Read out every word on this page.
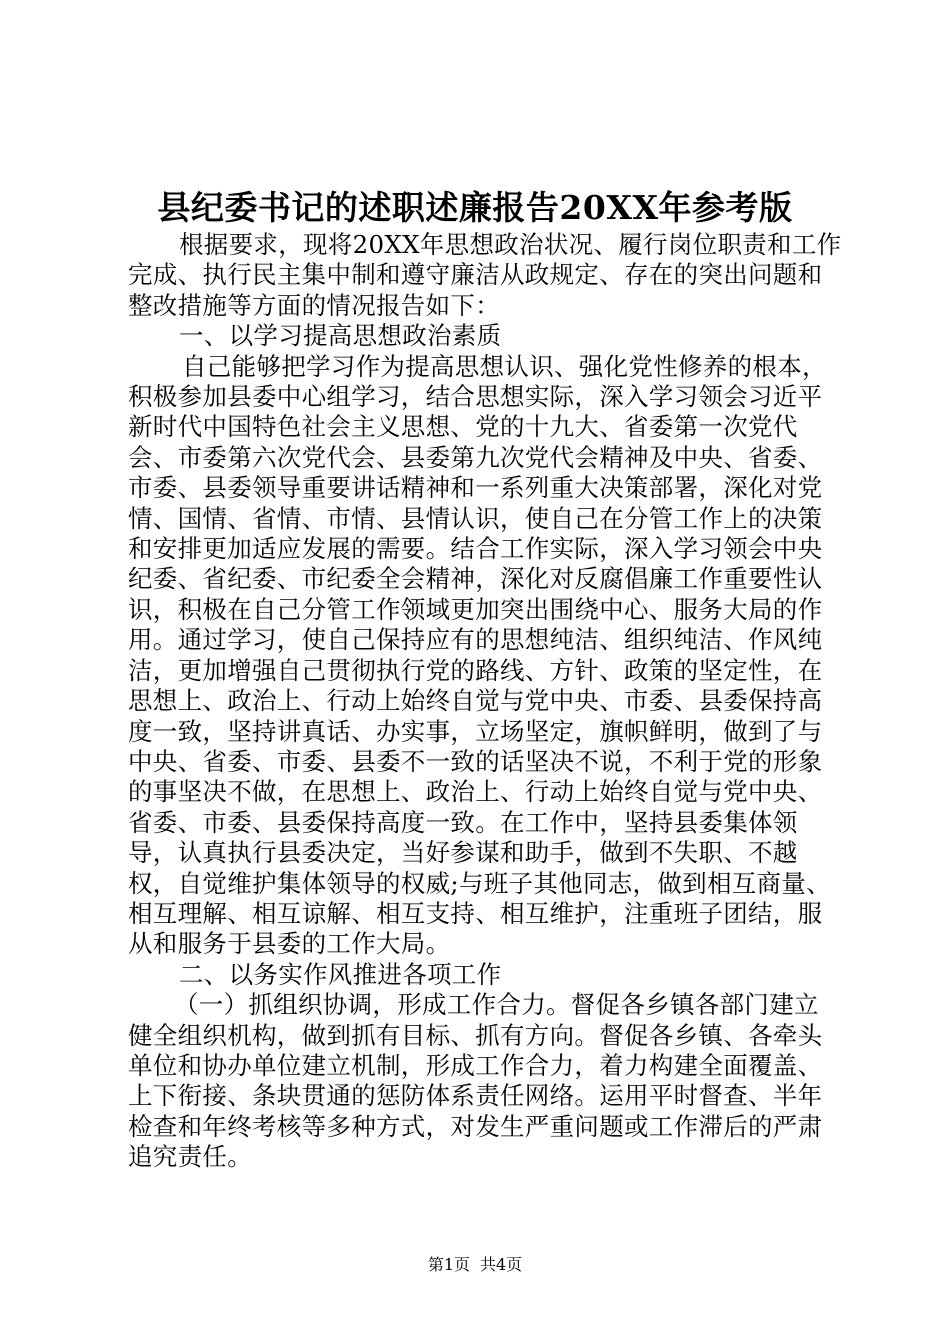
县纪委书记的述职述廉报告20XX年参考版

根据要求，现将20XX年思想政治状况、履行岗位职责和工作完成、执行民主集中制和遵守廉洁从政规定、存在的突出问题和整改措施等方面的情况报告如下：

一、以学习提高思想政治素质

自己能够把学习作为提高思想认识、强化党性修养的根本，积极参加县委中心组学习，结合思想实际，深入学习领会习近平新时代中国特色社会主义思想、党的十九大、省委第一次党代会、市委第六次党代会、县委第九次党代会精神及中央、省委、市委、县委领导重要讲话精神和一系列重大决策部署，深化对党情、国情、省情、市情、县情认识，使自己在分管工作上的决策和安排更加适应发展的需要。结合工作实际，深入学习领会中央纪委、省纪委、市纪委全会精神，深化对反腐倡廉工作重要性认识，积极在自己分管工作领域更加突出围绕中心、服务大局的作用。通过学习，使自己保持应有的思想纯洁、组织纯洁、作风纯洁，更加增强自己贯彻执行党的路线、方针、政策的坚定性，在思想上、政治上、行动上始终自觉与党中央、市委、县委保持高度一致，坚持讲真话、办实事，立场坚定，旗帜鲜明，做到了与中央、省委、市委、县委不一致的话坚决不说，不利于党的形象的事坚决不做，在思想上、政治上、行动上始终自觉与党中央、省委、市委、县委保持高度一致。在工作中，坚持县委集体领导，认真执行县委决定，当好参谋和助手，做到不失职、不越权，自觉维护集体领导的权威;与班子其他同志，做到相互商量、相互理解、相互谅解、相互支持、相互维护，注重班子团结，服从和服务于县委的工作大局。

二、以务实作风推进各项工作

（一）抓组织协调，形成工作合力。督促各乡镇各部门建立健全组织机构，做到抓有目标、抓有方向。督促各乡镇、各牵头单位和协办单位建立机制，形成工作合力，着力构建全面覆盖、上下衔接、条块贯通的惩防体系责任网络。运用平时督查、半年检查和年终考核等多种方式，对发生严重问题或工作滞后的严肃追究责任。

第1页 共4页
